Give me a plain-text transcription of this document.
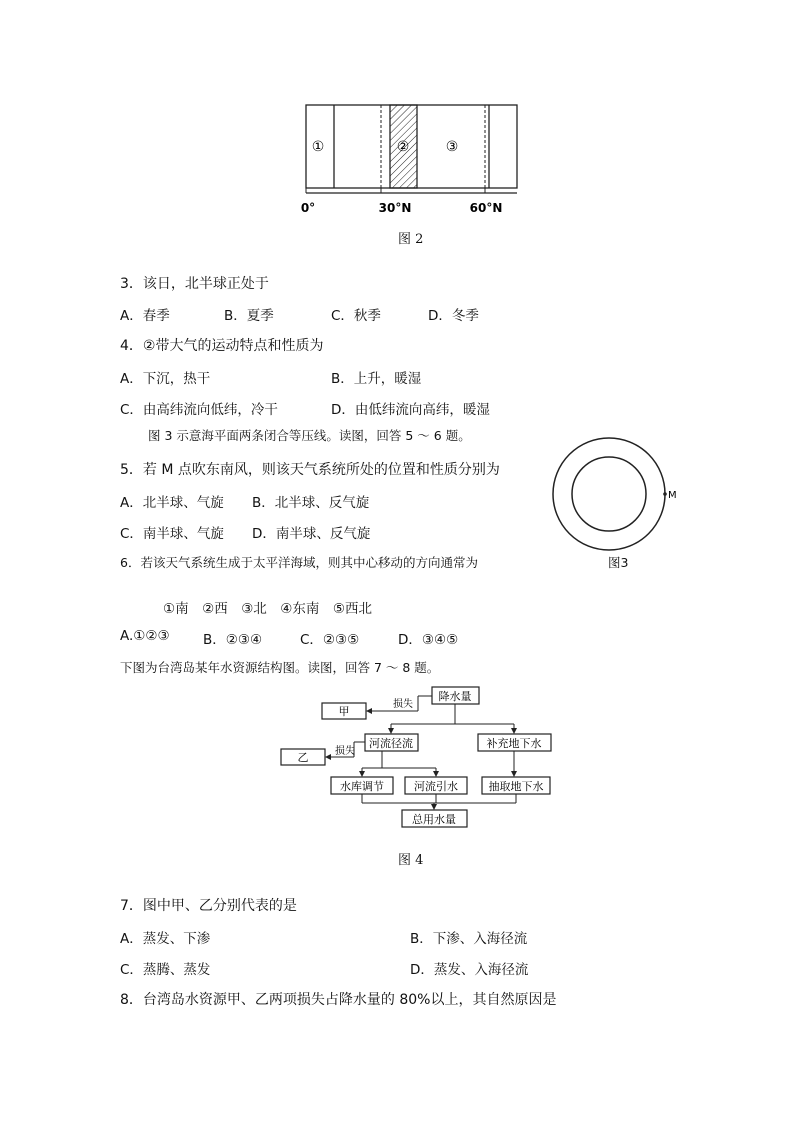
①	②	③
0°	30°N	60°N
图 2
3．该日，北半球正处于
A．春季	B．夏季	C．秋季	D．冬季
4．②带大气的运动特点和性质为
A．下沉，热干	B．上升，暖湿
C．由高纬流向低纬，冷干	D．由低纬流向高纬，暖湿
图 3 示意海平面两条闭合等压线。读图，回答 5 ～ 6 题。
5．若 M 点吹东南风，则该天气系统所处的位置和性质分别为
A．北半球、气旋 B．北半球、反气旋
C．南半球、气旋 D．南半球、反气旋
M
图3
6．若该天气系统生成于太平洋海域，则其中心移动的方向通常为
①南　②西　③北　④东南　⑤西北
A.①②③ B．②③④	C．②③⑤	D．③④⑤
下图为台湾岛某年水资源结构图。读图，回答 7 ～ 8 题。
降水量
甲
损失
河流径流	补充地下水
乙	损失
水库调节	河流引水	抽取地下水
总用水量
图 4
7．图中甲、乙分别代表的是
A．蒸发、下渗	B．下渗、入海径流
C．蒸腾、蒸发	D．蒸发、入海径流
8．台湾岛水资源甲、乙两项损失占降水量的 80%以上，其自然原因是
